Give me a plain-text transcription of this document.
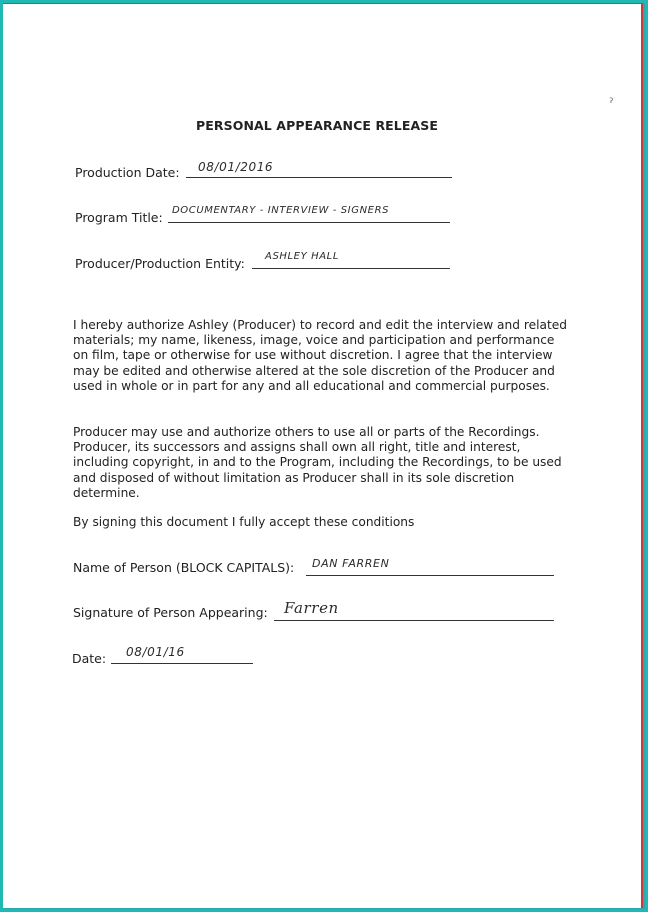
ˀ
PERSONAL APPEARANCE RELEASE
Production Date: 08/01/2016
Program Title: DOCUMENTARY - INTERVIEW - SIGNERS
Producer/Production Entity: ASHLEY HALL

I hereby authorize Ashley (Producer) to record and edit the interview and related materials; my name, likeness, image, voice and participation and performance on film, tape or otherwise for use without discretion. I agree that the interview may be edited and otherwise altered at the sole discretion of the Producer and used in whole or in part for any and all educational and commercial purposes.

Producer may use and authorize others to use all or parts of the Recordings. Producer, its successors and assigns shall own all right, title and interest, including copyright, in and to the Program, including the Recordings, to be used and disposed of without limitation as Producer shall in its sole discretion determine.

By signing this document I fully accept these conditions

Name of Person (BLOCK CAPITALS): DAN FARREN
Signature of Person Appearing: Farren
Date: 08/01/16
